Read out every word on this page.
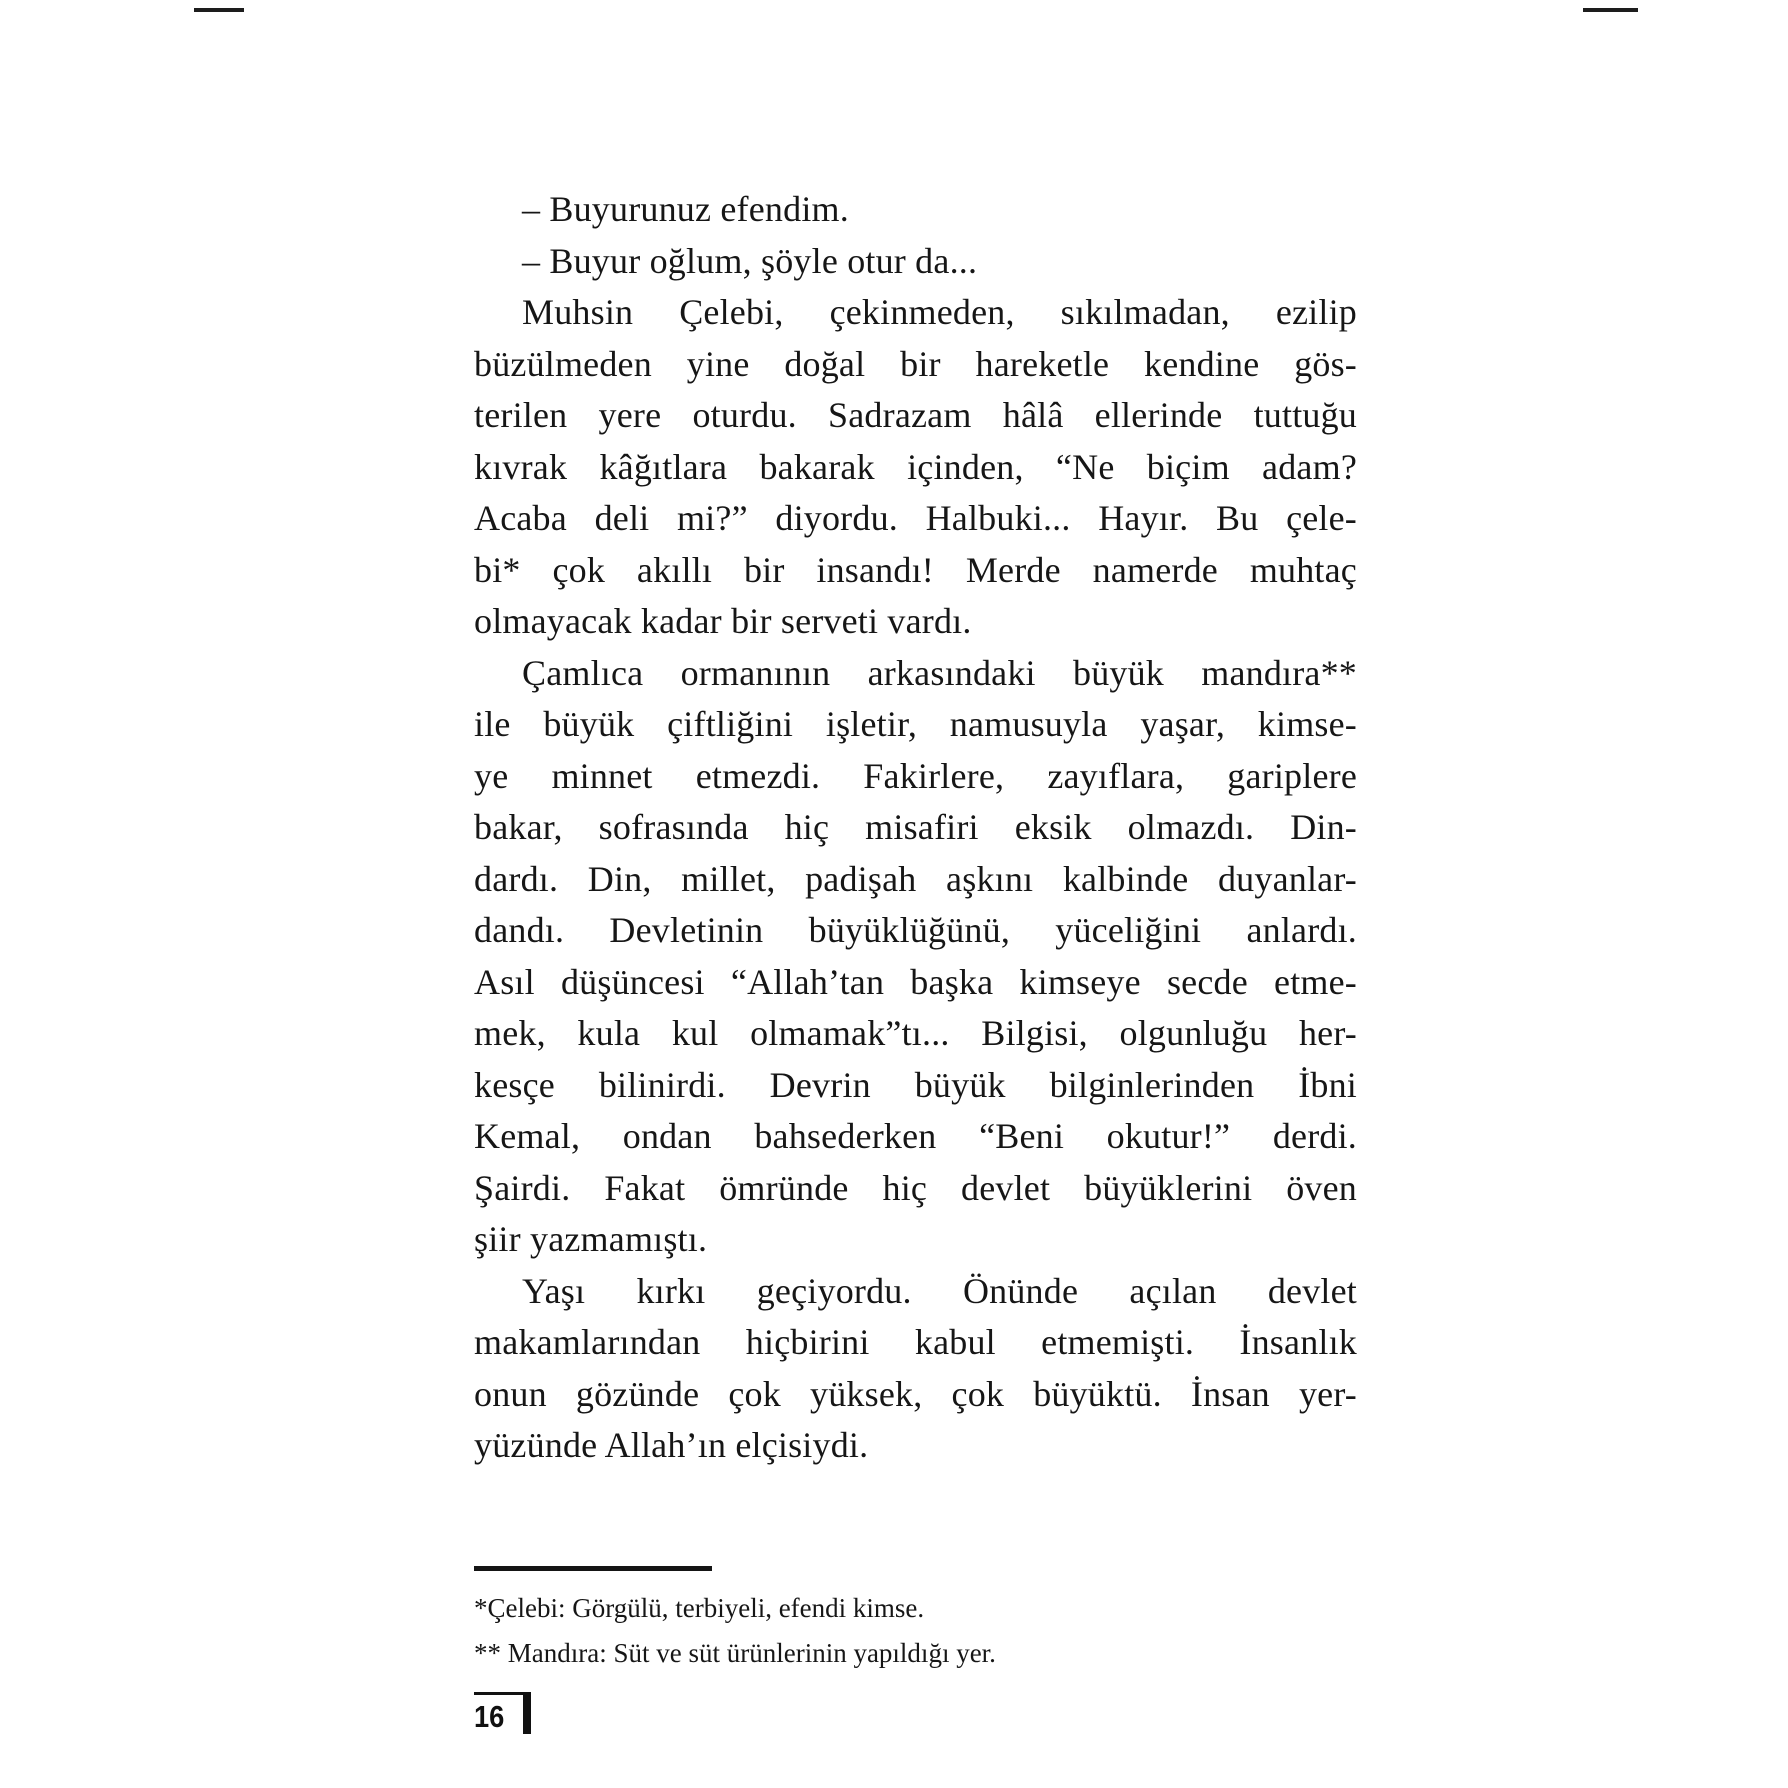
– Buyurunuz efendim.
– Buyur oğlum, şöyle otur da...
Muhsin Çelebi, çekinmeden, sıkılmadan, ezilip
büzülmeden yine doğal bir hareketle kendine gös-
terilen yere oturdu. Sadrazam hâlâ ellerinde tuttuğu
kıvrak kâğıtlara bakarak içinden, “Ne biçim adam?
Acaba deli mi?” diyordu. Halbuki... Hayır. Bu çele-
bi* çok akıllı bir insandı! Merde namerde muhtaç
olmayacak kadar bir serveti vardı.
Çamlıca ormanının arkasındaki büyük mandıra**
ile büyük çiftliğini işletir, namusuyla yaşar, kimse-
ye minnet etmezdi. Fakirlere, zayıflara, gariplere
bakar, sofrasında hiç misafiri eksik olmazdı. Din-
dardı. Din, millet, padişah aşkını kalbinde duyanlar-
dandı. Devletinin büyüklüğünü, yüceliğini anlardı.
Asıl düşüncesi “Allah’tan başka kimseye secde etme-
mek, kula kul olmamak”tı... Bilgisi, olgunluğu her-
kesçe bilinirdi. Devrin büyük bilginlerinden İbni
Kemal, ondan bahsederken “Beni okutur!” derdi.
Şairdi. Fakat ömründe hiç devlet büyüklerini öven
şiir yazmamıştı.
Yaşı kırkı geçiyordu. Önünde açılan devlet
makamlarından hiçbirini kabul etmemişti. İnsanlık
onun gözünde çok yüksek, çok büyüktü. İnsan yer-
yüzünde Allah’ın elçisiydi.
*Çelebi: Görgülü, terbiyeli, efendi kimse.
** Mandıra: Süt ve süt ürünlerinin yapıldığı yer.
16
